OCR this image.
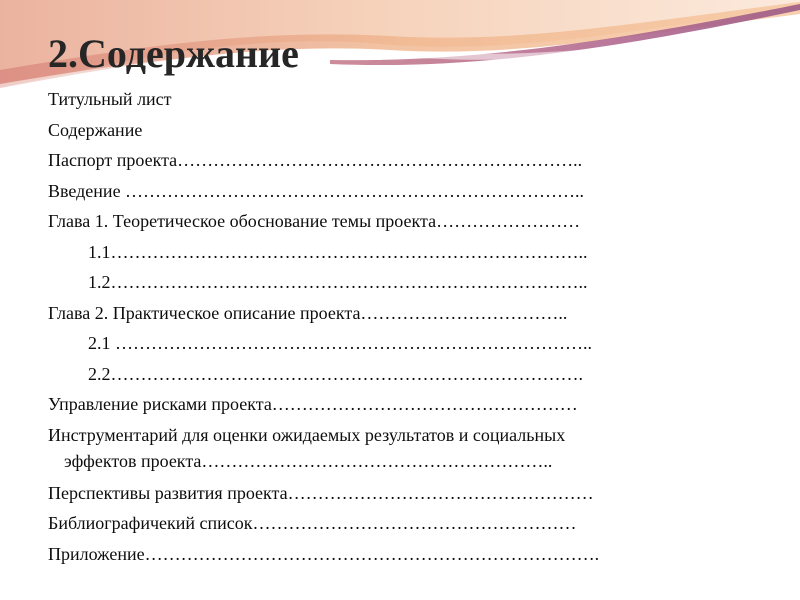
2.Содержание
Титульный лист
Содержание
Паспорт проекта…………………………………………………………..
Введение …………………………………………………………………..
Глава 1. Теоретическое обоснование темы проекта……………………
1.1……………………………………………………………………..
1.2……………………………………………………………………..
Глава 2. Практическое описание проекта……………………………..
2.1 ……………………………………………………………………..
2.2…………………………………………………………………….
Управление рисками проекта……………………………………………
Инструментарий для оценки ожидаемых результатов и социальных
эффектов проекта…………………………………………………..
Перспективы развития проекта……………………………………………
Библиографичекий список………………………………………………
Приложение………………………………………………………………….
